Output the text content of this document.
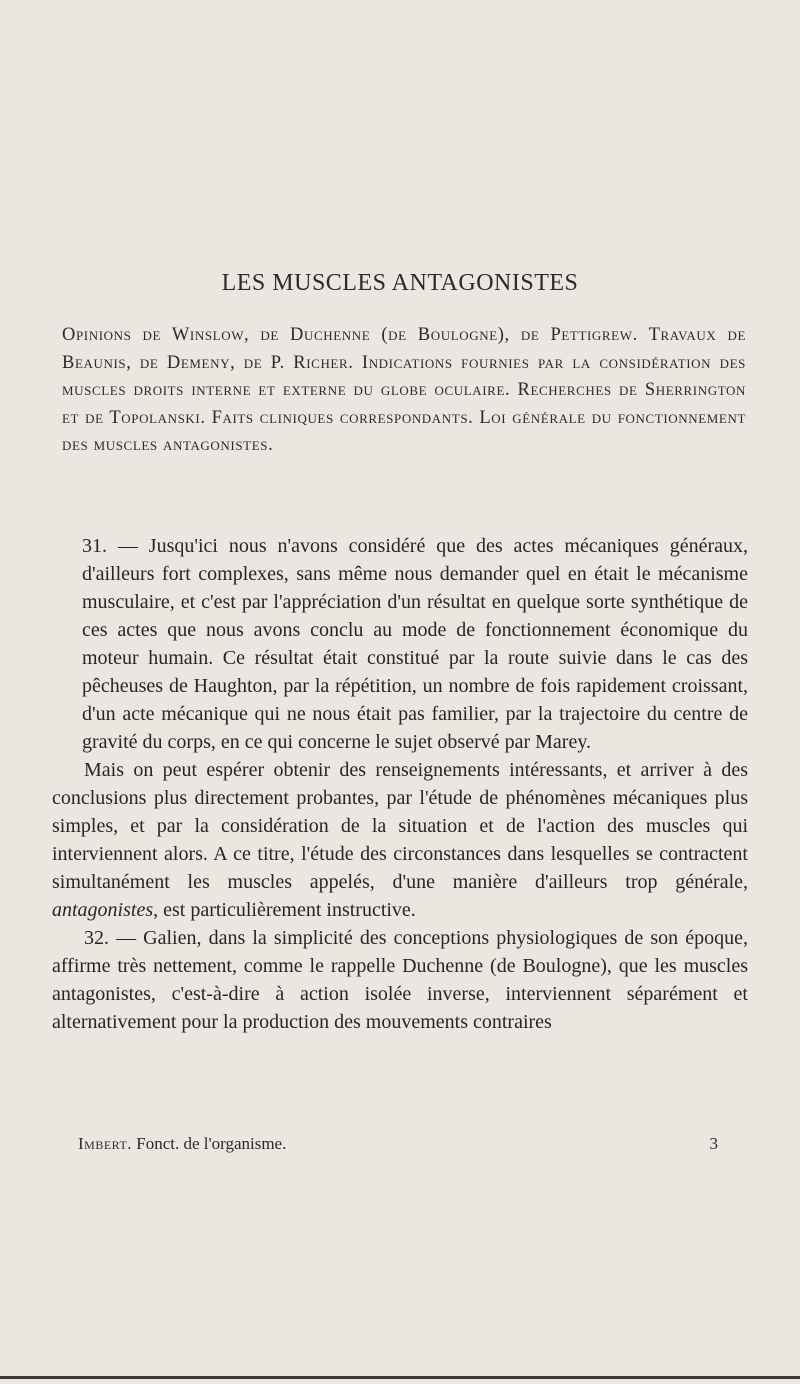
LES MUSCLES ANTAGONISTES
Opinions de Winslow, de Duchenne (de Boulogne), de Pettigrew. Travaux de Beaunis, de Demeny, de P. Richer. Indications fournies par la considération des muscles droits interne et externe du globe oculaire. Recherches de Sherrington et de Topolanski. Faits cliniques correspondants. Loi générale du fonctionnement des muscles antagonistes.

31. — Jusqu'ici nous n'avons considéré que des actes mécaniques généraux, d'ailleurs fort complexes, sans même nous demander quel en était le mécanisme musculaire, et c'est par l'appréciation d'un résultat en quelque sorte synthétique de ces actes que nous avons conclu au mode de fonctionnement économique du moteur humain. Ce résultat était constitué par la route suivie dans le cas des pêcheuses de Haughton, par la répétition, un nombre de fois rapidement croissant, d'un acte mécanique qui ne nous était pas familier, par la trajectoire du centre de gravité du corps, en ce qui concerne le sujet observé par Marey.

Mais on peut espérer obtenir des renseignements intéressants, et arriver à des conclusions plus directement probantes, par l'étude de phénomènes mécaniques plus simples, et par la considération de la situation et de l'action des muscles qui interviennent alors. A ce titre, l'étude des circonstances dans lesquelles se contractent simultanément les muscles appelés, d'une manière d'ailleurs trop générale, antagonistes, est particulièrement instructive.

32. — Galien, dans la simplicité des conceptions physiologiques de son époque, affirme très nettement, comme le rappelle Duchenne (de Boulogne), que les muscles antagonistes, c'est-à-dire à action isolée inverse, interviennent séparément et alternativement pour la production des mouvements contraires

Imbert. Fonct. de l'organisme.	3
